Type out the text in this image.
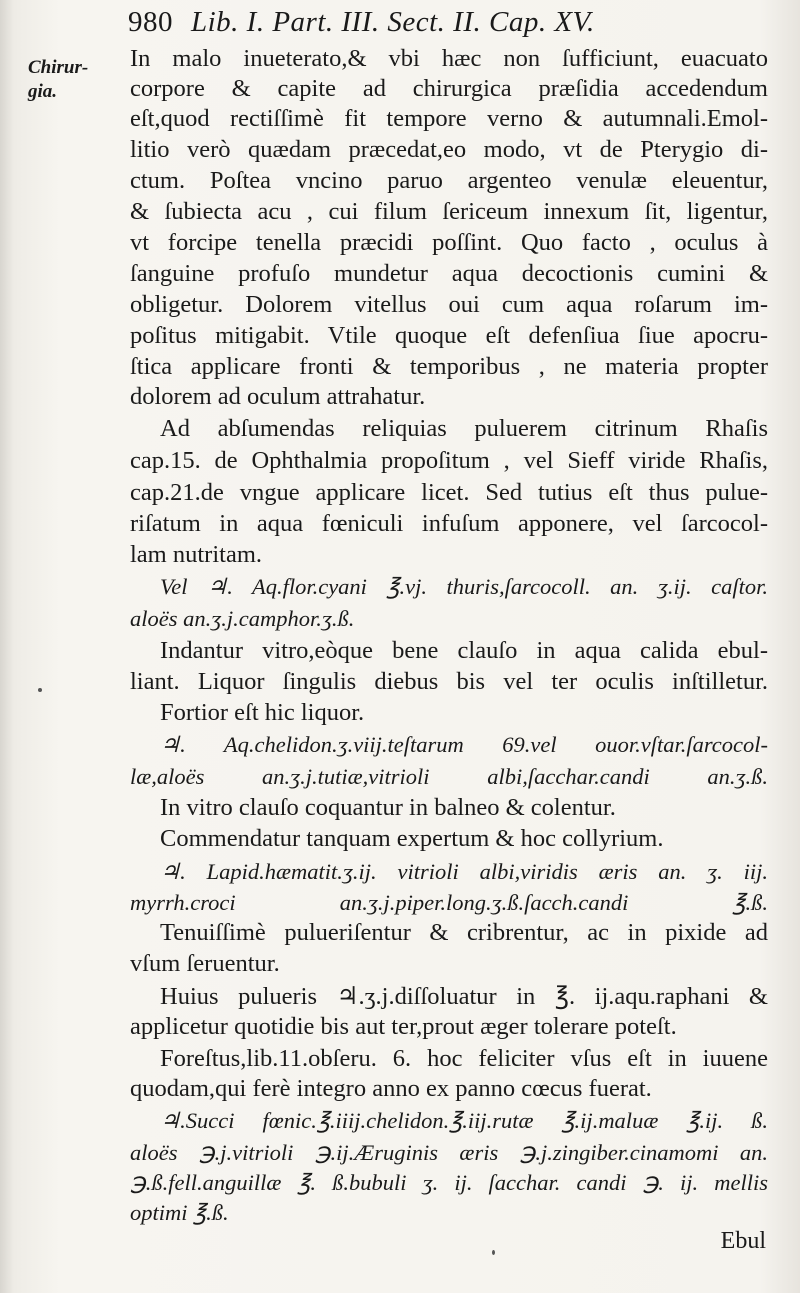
980 Lib. I. Part. III. Sect. II. Cap. XV.
Chirur-
gia.
In malo inueterato,& vbi hæc non ſufficiunt, euacuato
corpore & capite ad chirurgica præſidia accedendum
eſt,quod rectiſſimè fit tempore verno & autumnali.Emol-
litio verò quædam præcedat,eo modo, vt de Pterygio di-
ctum. Poſtea vncino paruo argenteo venulæ eleuentur,
& ſubiecta acu , cui filum ſericeum innexum ſit, ligentur,
vt forcipe tenella præcidi poſſint. Quo facto , oculus à
ſanguine profuſo mundetur aqua decoctionis cumini &
obligetur. Dolorem vitellus oui cum aqua roſarum im-
poſitus mitigabit. Vtile quoque eſt defenſiua ſiue apocru-
ſtica applicare fronti & temporibus , ne materia propter
dolorem ad oculum attrahatur.
Ad abſumendas reliquias puluerem citrinum Rhaſis
cap.15. de Ophthalmia propoſitum , vel Sieff viride Rhaſis,
cap.21.de vngue applicare licet. Sed tutius eſt thus pulue-
riſatum in aqua fœniculi infuſum apponere, vel ſarcocol-
lam nutritam.
Vel ♃. Aq.flor.cyani ℥.vj. thuris,ſarcocoll. an. ʒ.ij. caſtor.
aloës an.ʒ.j.camphor.ʒ.ß.
Indantur vitro,eòque bene clauſo in aqua calida ebul-
liant. Liquor ſingulis diebus bis vel ter oculis inſtilletur.
Fortior eſt hic liquor.
♃. Aq.chelidon.ʒ.viij.teſtarum 69.vel ouor.vſtar.ſarcocol-
læ,aloës an.ʒ.j.tutiæ,vitrioli albi,ſacchar.candi an.ʒ.ß.
In vitro clauſo coquantur in balneo & colentur.
Commendatur tanquam expertum & hoc collyrium.
♃. Lapid.hæmatit.ʒ.ij. vitrioli albi,viridis æris an. ʒ. iij.
myrrh.croci an.ʒ.j.piper.long.ʒ.ß.ſacch.candi ℥.ß.
Tenuiſſimè pulueriſentur & cribrentur, ac in pixide ad
vſum ſeruentur.
Huius pulueris ♃.ʒ.j.diſſoluatur in ℥. ij.aqu.raphani &
applicetur quotidie bis aut ter,prout æger tolerare poteſt.
Foreſtus,lib.11.obſeru. 6. hoc feliciter vſus eſt in iuuene
quodam,qui ferè integro anno ex panno cœcus fuerat.
♃.Succi fœnic.℥.iiij.chelidon.℥.iij.rutæ ℥.ij.maluæ ℥.ij. ß.
aloës ℈.j.vitrioli ℈.ij.Æruginis æris ℈.j.zingiber.cinamomi an.
℈.ß.fell.anguillæ ℥. ß.bubuli ʒ. ij. ſacchar. candi ℈. ij. mellis
optimi ℥.ß.
Ebul
